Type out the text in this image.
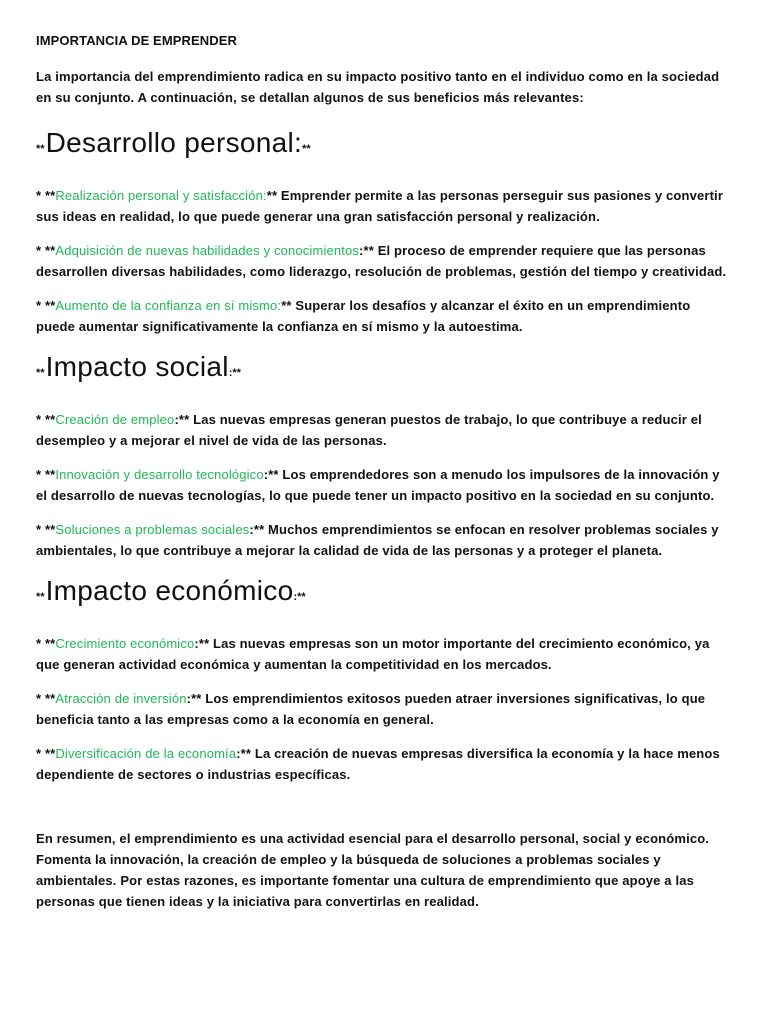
IMPORTANCIA DE EMPRENDER

La importancia del emprendimiento radica en su impacto positivo tanto en el individuo como en la sociedad en su conjunto. A continuación, se detallan algunos de sus beneficios más relevantes:

** Desarrollo personal: **

* **Realización personal y satisfacción:** Emprender permite a las personas perseguir sus pasiones y convertir sus ideas en realidad, lo que puede generar una gran satisfacción personal y realización.

* **Adquisición de nuevas habilidades y conocimientos:** El proceso de emprender requiere que las personas desarrollen diversas habilidades, como liderazgo, resolución de problemas, gestión del tiempo y creatividad.

* **Aumento de la confianza en sí mismo:** Superar los desafíos y alcanzar el éxito en un emprendimiento puede aumentar significativamente la confianza en sí mismo y la autoestima.

** Impacto social :**

* **Creación de empleo:** Las nuevas empresas generan puestos de trabajo, lo que contribuye a reducir el desempleo y a mejorar el nivel de vida de las personas.

* **Innovación y desarrollo tecnológico:** Los emprendedores son a menudo los impulsores de la innovación y el desarrollo de nuevas tecnologías, lo que puede tener un impacto positivo en la sociedad en su conjunto.

* **Soluciones a problemas sociales:** Muchos emprendimientos se enfocan en resolver problemas sociales y ambientales, lo que contribuye a mejorar la calidad de vida de las personas y a proteger el planeta.

** Impacto económico :**

* **Crecimiento económico:** Las nuevas empresas son un motor importante del crecimiento económico, ya que generan actividad económica y aumentan la competitividad en los mercados.

* **Atracción de inversión:** Los emprendimientos exitosos pueden atraer inversiones significativas, lo que beneficia tanto a las empresas como a la economía en general.

* **Diversificación de la economía:** La creación de nuevas empresas diversifica la economía y la hace menos dependiente de sectores o industrias específicas.

En resumen, el emprendimiento es una actividad esencial para el desarrollo personal, social y económico. Fomenta la innovación, la creación de empleo y la búsqueda de soluciones a problemas sociales y ambientales. Por estas razones, es importante fomentar una cultura de emprendimiento que apoye a las personas que tienen ideas y la iniciativa para convertirlas en realidad.
